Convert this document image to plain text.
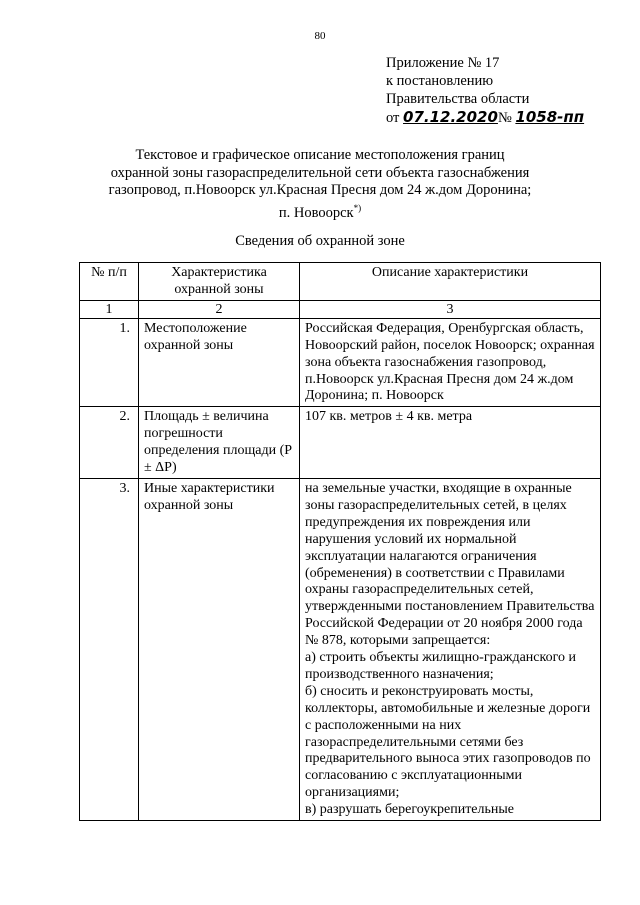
80
Приложение № 17
к постановлению
Правительства области
от 07.12.2020№ 1058-пп
Текстовое и графическое описание местоположения границ
охранной зоны газораспределительной сети объекта газоснабжения
газопровод, п.Новоорск ул.Красная Пресня дом 24 ж.дом Доронина;
п. Новоорск*)
Сведения об охранной зоне
№ п/п	Характеристика охранной зоны	Описание характеристики
1	2	3
1.	Местоположение охранной зоны	Российская Федерация, Оренбургская область, Новоорский район, поселок Новоорск; охранная зона объекта газоснабжения газопровод, п.Новоорск ул.Красная Пресня дом 24 ж.дом Доронина; п. Новоорск
2.	Площадь ± величина погрешности определения площади (P ± ΔP)	107 кв. метров ± 4 кв. метра
3.	Иные характеристики охранной зоны	на земельные участки, входящие в охранные зоны газораспределительных сетей, в целях предупреждения их повреждения или нарушения условий их нормальной эксплуатации налагаются ограничения (обременения) в соответствии с Правилами охраны газораспределительных сетей, утвержденными постановлением Правительства Российской Федерации от 20 ноября 2000 года № 878, которыми запрещается:
а) строить объекты жилищно-гражданского и производственного назначения;
б) сносить и реконструировать мосты, коллекторы, автомобильные и железные дороги с расположенными на них газораспределительными сетями без предварительного выноса этих газопроводов по согласованию с эксплуатационными организациями;
в) разрушать берегоукрепительные
